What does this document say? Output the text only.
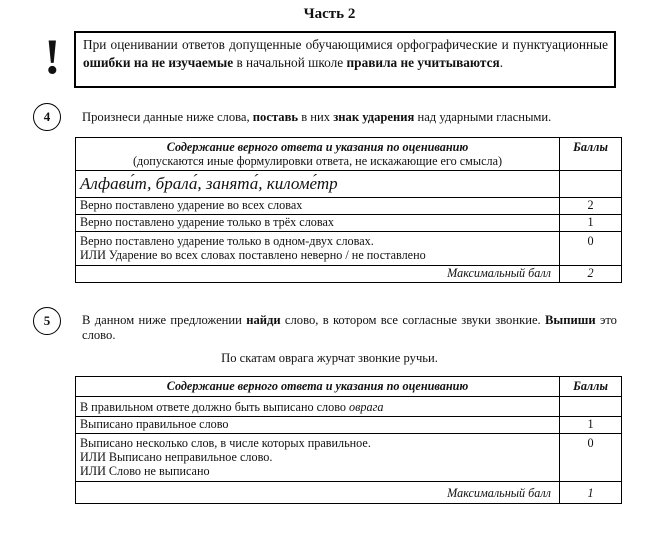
Часть 2
!	При оценивании ответов допущенные обучающимися орфографические и пунктуационные ошибки на не изучаемые в начальной школе правила не учитываются.
4	Произнеси данные ниже слова, поставь в них знак ударения над ударными гласными.
Содержание верного ответа и указания по оцениванию
(допускаются иные формулировки ответа, не искажающие его смысла)	Баллы
Алфави́т, брала́, занята́, киломе́тр	
Верно поставлено ударение во всех словах	2
Верно поставлено ударение только в трёх словах	1

Верно поставлено ударение только в одном-двух словах.
ИЛИ Ударение во всех словах поставлено неверно / не поставлено	0
Максимальный балл	2
5	В данном ниже предложении найди слово, в котором все согласные звуки звонкие. Выпиши это слово.
По скатам оврага журчат звонкие ручьи.
Содержание верного ответа и указания по оцениванию	Баллы
В правильном ответе должно быть выписано слово оврага	
Выписано правильное слово	1

Выписано несколько слов, в числе которых правильное.
ИЛИ Выписано неправильное слово.
ИЛИ Слово не выписано	0
Максимальный балл	1
